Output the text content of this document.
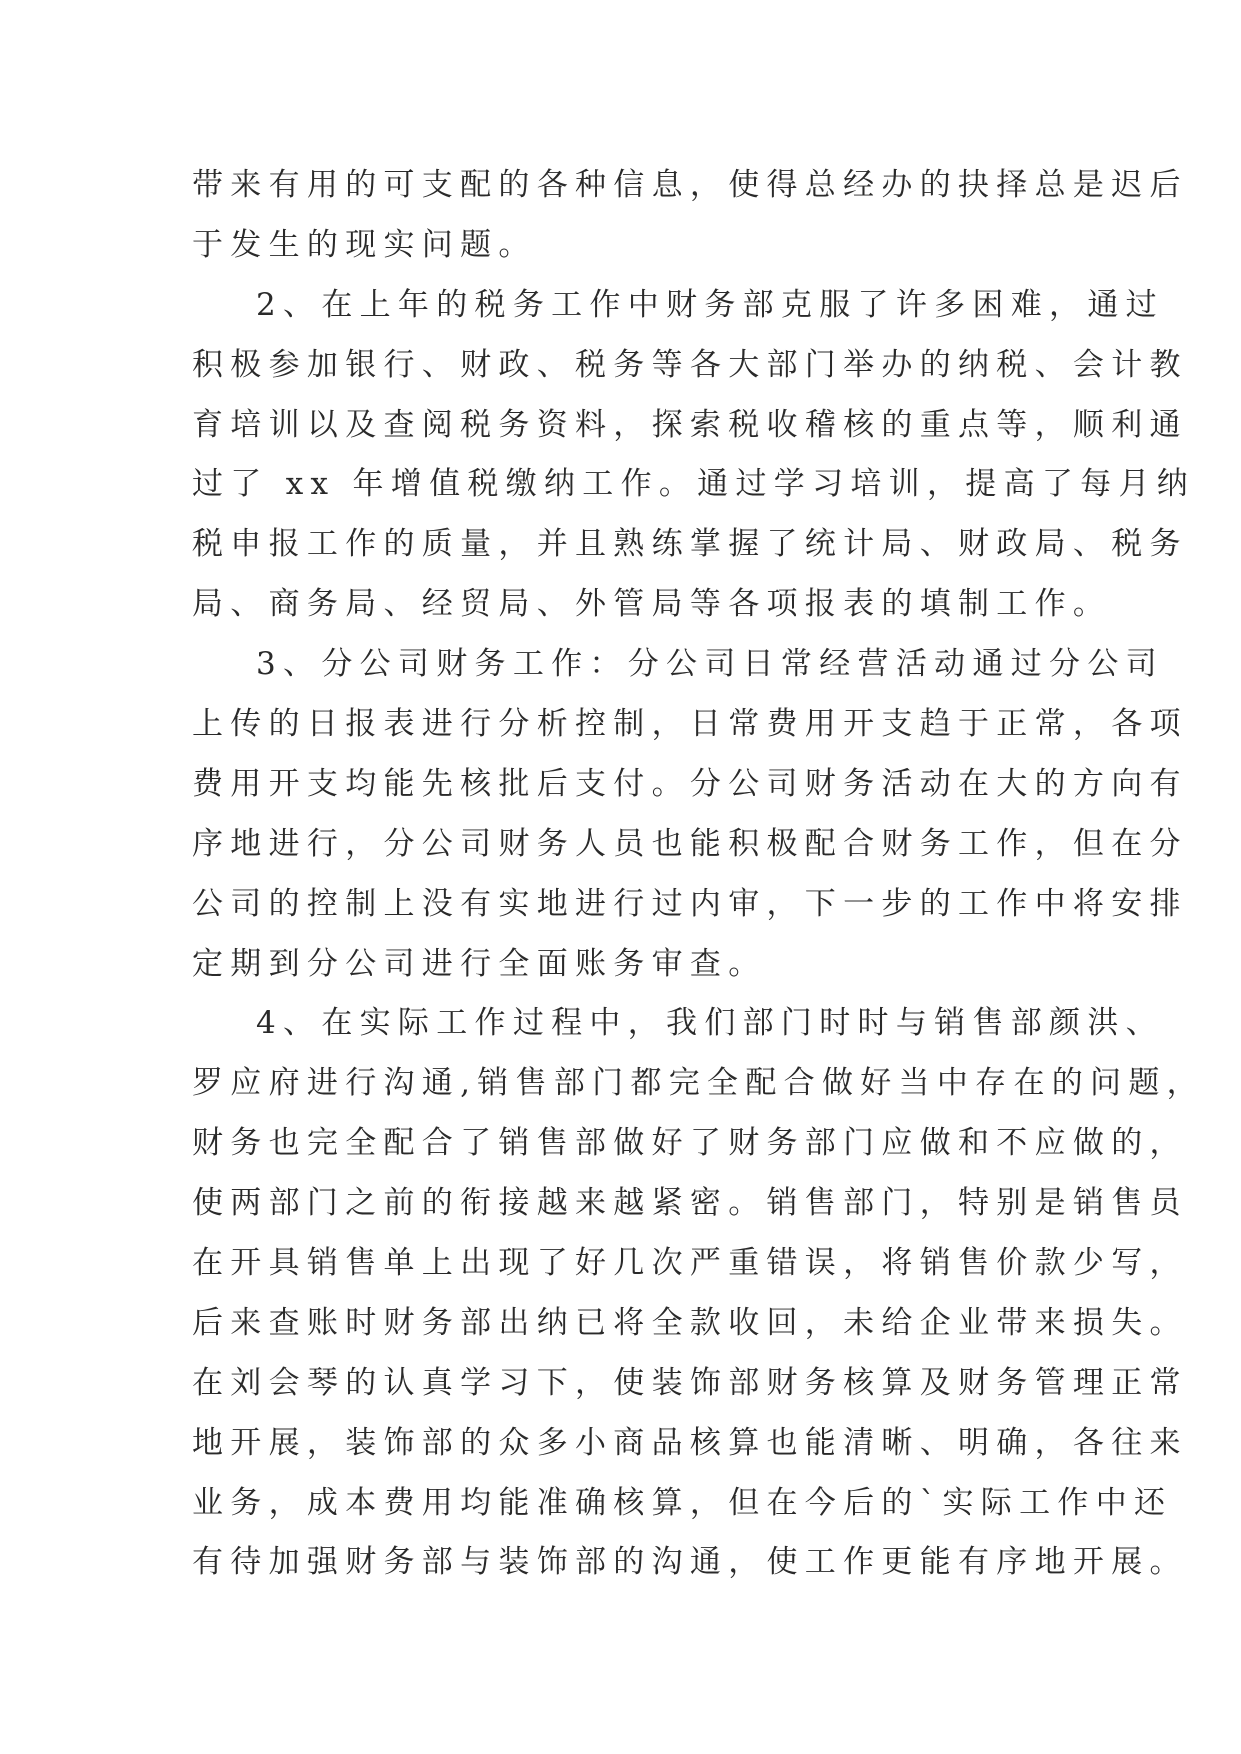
带来有用的可支配的各种信息，使得总经办的抉择总是迟后
于发生的现实问题。
2、在上年的税务工作中财务部克服了许多困难，通过
积极参加银行、财政、税务等各大部门举办的纳税、会计教
育培训以及查阅税务资料，探索税收稽核的重点等，顺利通
过了 xx 年增值税缴纳工作。通过学习培训，提高了每月纳
税申报工作的质量，并且熟练掌握了统计局、财政局、税务
局、商务局、经贸局、外管局等各项报表的填制工作。
3、分公司财务工作：分公司日常经营活动通过分公司
上传的日报表进行分析控制，日常费用开支趋于正常，各项
费用开支均能先核批后支付。分公司财务活动在大的方向有
序地进行，分公司财务人员也能积极配合财务工作，但在分
公司的控制上没有实地进行过内审，下一步的工作中将安排
定期到分公司进行全面账务审查。
4、在实际工作过程中，我们部门时时与销售部颜洪、
罗应府进行沟通,销售部门都完全配合做好当中存在的问题，
财务也完全配合了销售部做好了财务部门应做和不应做的，
使两部门之前的衔接越来越紧密。销售部门，特别是销售员
在开具销售单上出现了好几次严重错误，将销售价款少写，
后来查账时财务部出纳已将全款收回，未给企业带来损失。
在刘会琴的认真学习下，使装饰部财务核算及财务管理正常
地开展，装饰部的众多小商品核算也能清晰、明确，各往来
业务，成本费用均能准确核算，但在今后的`实际工作中还
有待加强财务部与装饰部的沟通，使工作更能有序地开展。
